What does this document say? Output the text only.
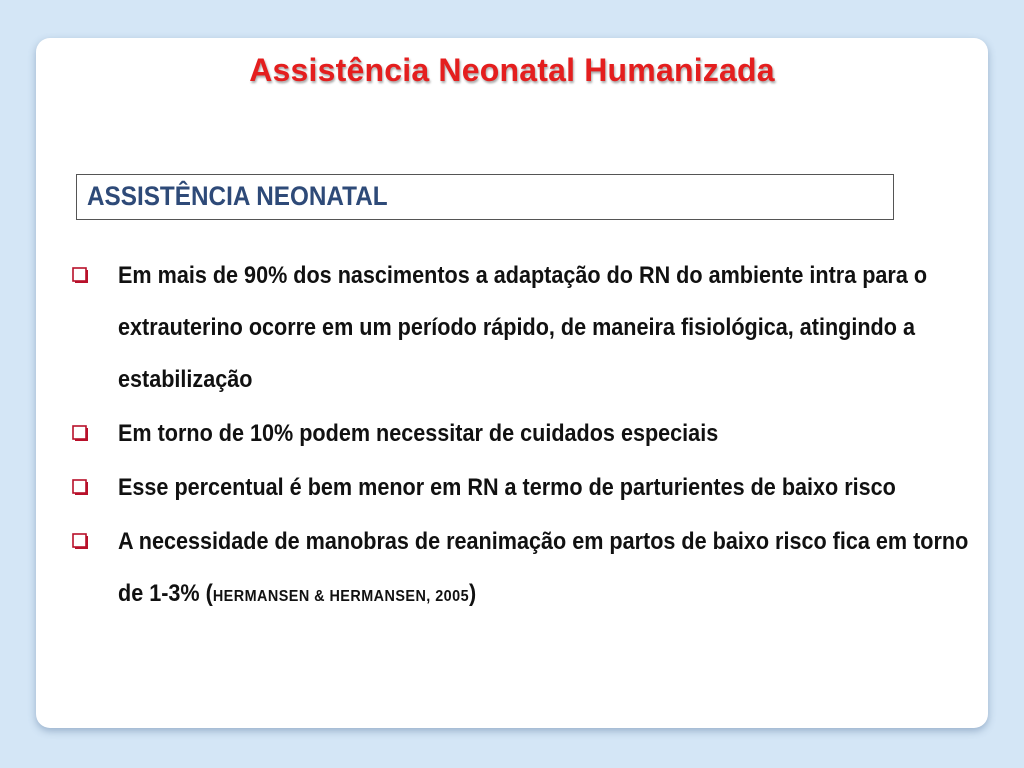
Assistência Neonatal Humanizada
ASSISTÊNCIA NEONATAL
Em mais de 90% dos nascimentos a adaptação do RN do ambiente intra para o extrauterino ocorre em um período rápido, de maneira fisiológica, atingindo a estabilização
Em torno de 10% podem necessitar de cuidados especiais
Esse percentual é bem menor em RN a termo de parturientes de baixo risco
A necessidade de manobras de reanimação em partos de baixo risco fica em torno de 1-3% (HERMANSEN & HERMANSEN, 2005)
